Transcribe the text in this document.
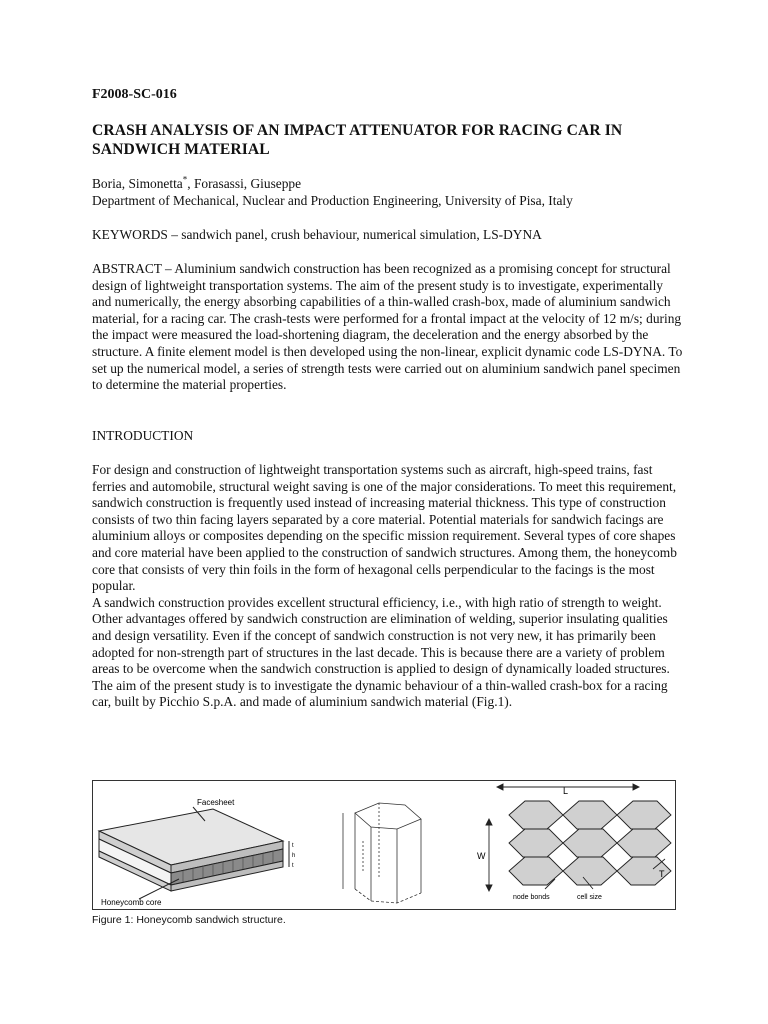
F2008-SC-016
CRASH ANALYSIS OF AN IMPACT ATTENUATOR FOR RACING CAR IN SANDWICH MATERIAL
Boria, Simonetta*, Forasassi, Giuseppe
Department of Mechanical, Nuclear and Production Engineering, University of Pisa, Italy
KEYWORDS – sandwich panel, crush behaviour, numerical simulation, LS-DYNA
ABSTRACT – Aluminium sandwich construction has been recognized as a promising concept for structural design of lightweight transportation systems. The aim of the present study is to investigate, experimentally and numerically, the energy absorbing capabilities of a thin-walled crash-box, made of aluminium sandwich material, for a racing car. The crash-tests were performed for a frontal impact at the velocity of 12 m/s; during the impact were measured the load-shortening diagram, the deceleration and the energy absorbed by the structure. A finite element model is then developed using the non-linear, explicit dynamic code LS-DYNA. To set up the numerical model, a series of strength tests were carried out on aluminium sandwich panel specimen to determine the material properties.
INTRODUCTION

For design and construction of lightweight transportation systems such as aircraft, high-speed trains, fast ferries and automobile, structural weight saving is one of the major considerations. To meet this requirement, sandwich construction is frequently used instead of increasing material thickness. This type of construction consists of two thin facing layers separated by a core material. Potential materials for sandwich facings are aluminium alloys or composites depending on the specific mission requirement. Several types of core shapes and core material have been applied to the construction of sandwich structures. Among them, the honeycomb core that consists of very thin foils in the form of hexagonal cells perpendicular to the facings is the most popular.

A sandwich construction provides excellent structural efficiency, i.e., with high ratio of strength to weight. Other advantages offered by sandwich construction are elimination of welding, superior insulating qualities and design versatility. Even if the concept of sandwich construction is not very new, it has primarily been adopted for non-strength part of structures in the last decade. This is because there are a variety of problem areas to be overcome when the sandwich construction is applied to design of dynamically loaded structures.

The aim of the present study is to investigate the dynamic behaviour of a thin-walled crash-box for a racing car, built by Picchio S.p.A. and made of aluminium sandwich material (Fig.1).

Facesheet
Honeycomb core
t
h
t
L
W
T
node bonds	cell size
Figure 1: Honeycomb sandwich structure.
